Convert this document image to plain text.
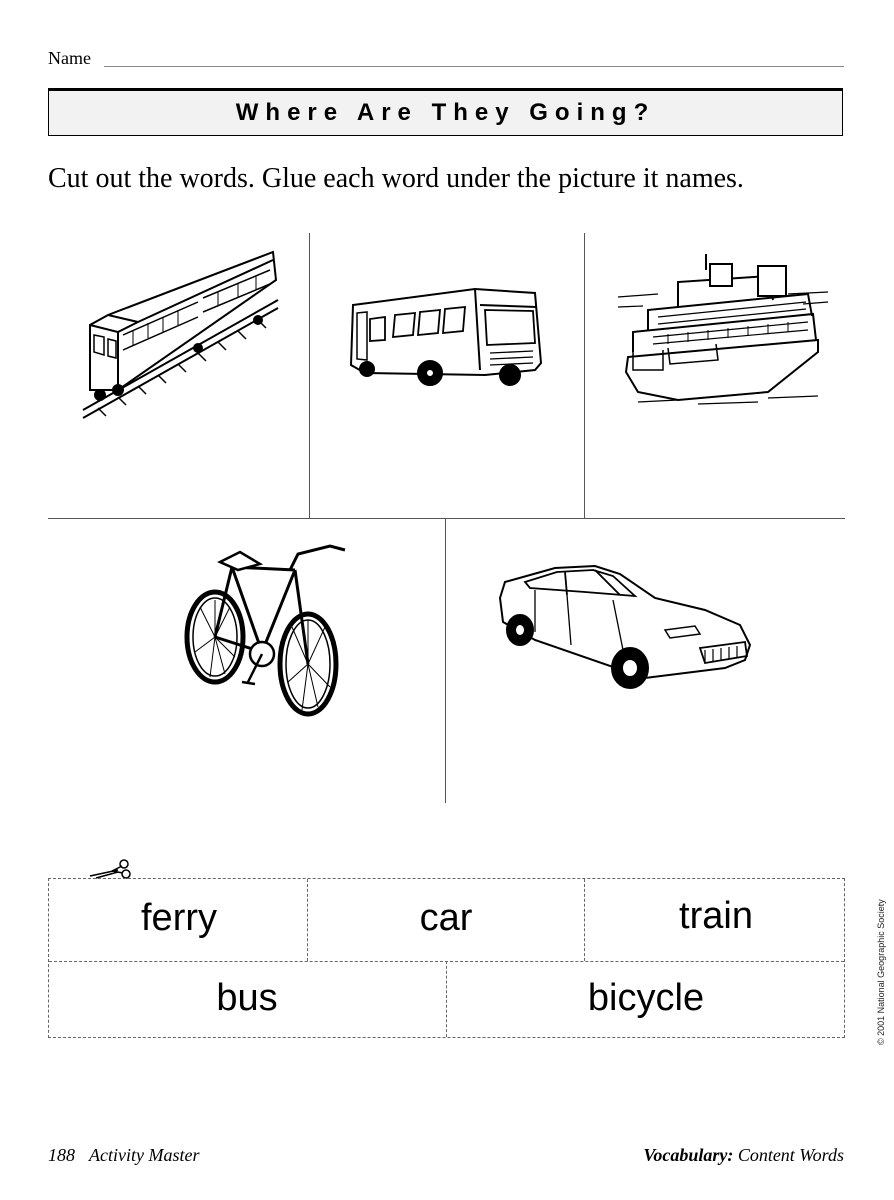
Name
Where Are They Going?
Cut out the words. Glue each word under the picture it names.
ferry	car	train
bus	bicycle	© 2001 National Geographic Society
188 Activity Master	Vocabulary: Content Words
